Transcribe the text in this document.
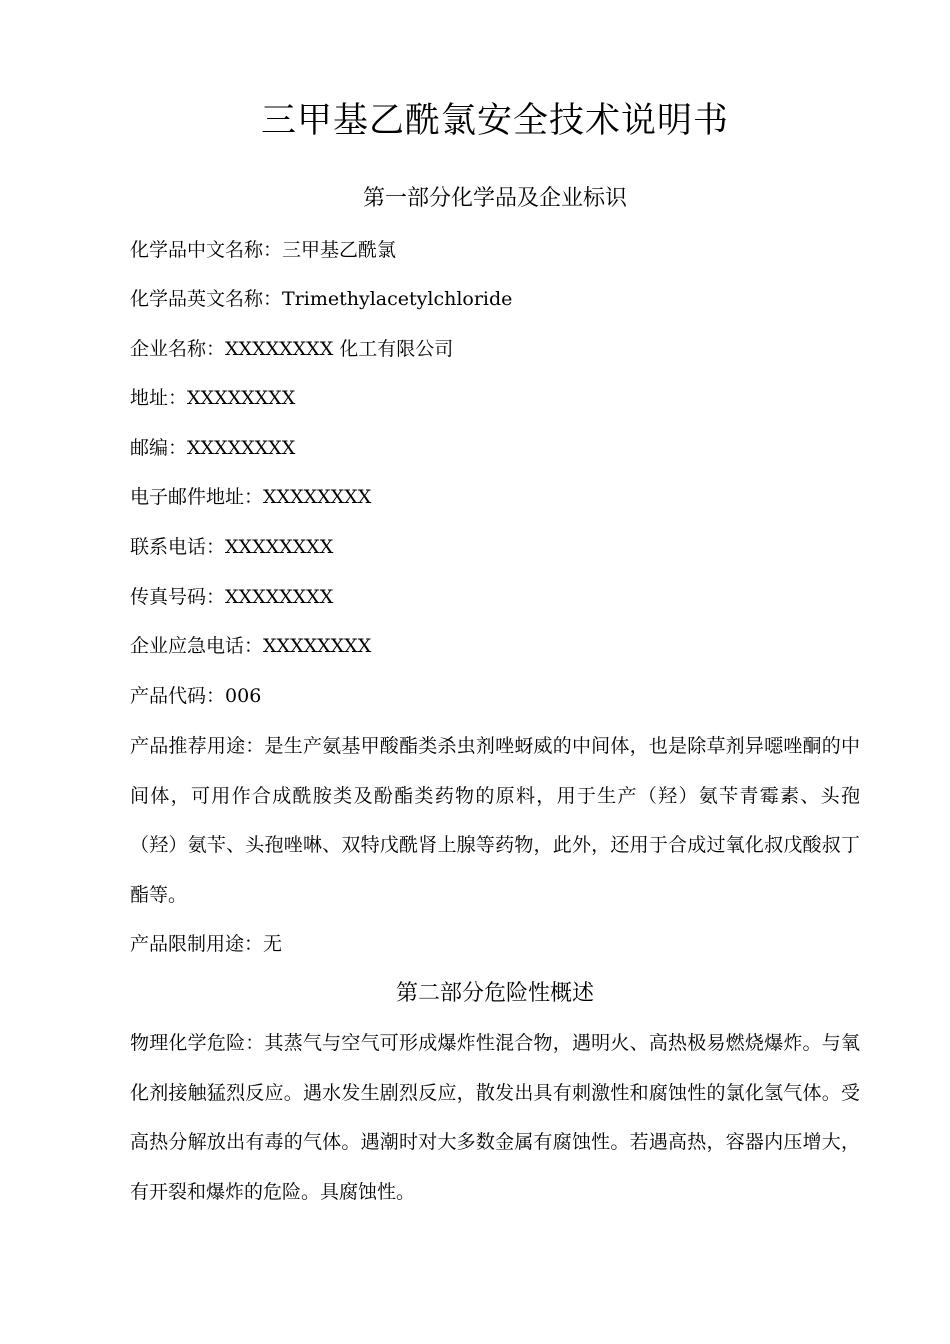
三甲基乙酰氯安全技术说明书
第一部分化学品及企业标识
化学品中文名称：三甲基乙酰氯
化学品英文名称：Trimethylacetylchloride
企业名称：XXXXXXXX 化工有限公司
地址：XXXXXXXX
邮编：XXXXXXXX
电子邮件地址：XXXXXXXX
联系电话：XXXXXXXX
传真号码：XXXXXXXX
企业应急电话：XXXXXXXX
产品代码：006
产品推荐用途：是生产氨基甲酸酯类杀虫剂唑蚜威的中间体，也是除草剂异噁唑酮的中间体，可用作合成酰胺类及酚酯类药物的原料，用于生产（羟）氨苄青霉素、头孢（羟）氨苄、头孢唑啉、双特戊酰肾上腺等药物，此外，还用于合成过氧化叔戊酸叔丁酯等。
产品限制用途：无
第二部分危险性概述
物理化学危险：其蒸气与空气可形成爆炸性混合物，遇明火、高热极易燃烧爆炸。与氧化剂接触猛烈反应。遇水发生剧烈反应，散发出具有刺激性和腐蚀性的氯化氢气体。受高热分解放出有毒的气体。遇潮时对大多数金属有腐蚀性。若遇高热，容器内压增大，有开裂和爆炸的危险。具腐蚀性。
